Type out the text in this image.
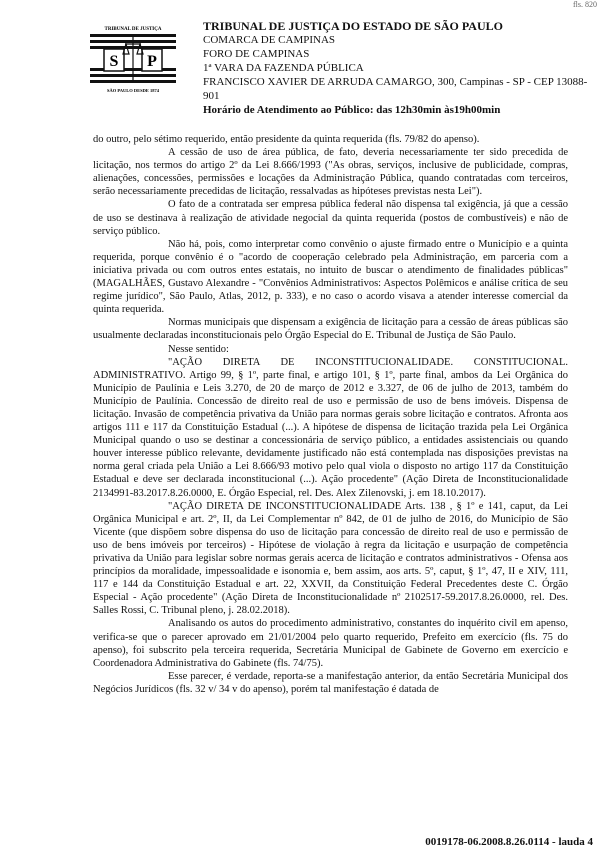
fls. 820
TRIBUNAL DE JUSTIÇA
S P
SÃO PAULO DESDE 1874
TRIBUNAL DE JUSTIÇA DO ESTADO DE SÃO PAULO
COMARCA DE CAMPINAS
FORO DE CAMPINAS
1ª VARA DA FAZENDA PÚBLICA
FRANCISCO XAVIER DE ARRUDA CAMARGO, 300, Campinas - SP - CEP 13088-901
Horário de Atendimento ao Público: das 12h30min às19h00min

do outro, pelo sétimo requerido, então presidente da quinta requerida (fls. 79/82 do apenso).

A cessão de uso de área pública, de fato, deveria necessariamente ter sido precedida de licitação, nos termos do artigo 2º da Lei 8.666/1993 ("As obras, serviços, inclusive de publicidade, compras, alienações, concessões, permissões e locações da Administração Pública, quando contratadas com terceiros, serão necessariamente precedidas de licitação, ressalvadas as hipóteses previstas nesta Lei").

O fato de a contratada ser empresa pública federal não dispensa tal exigência, já que a cessão de uso se destinava à realização de atividade negocial da quinta requerida (postos de combustíveis) e não de serviço público.

Não há, pois, como interpretar como convênio o ajuste firmado entre o Município e a quinta requerida, porque convênio é o "acordo de cooperação celebrado pela Administração, em parceria com a iniciativa privada ou com outros entes estatais, no intuito de buscar o atendimento de finalidades públicas" (MAGALHÃES, Gustavo Alexandre - "Convênios Administrativos: Aspectos Polêmicos e análise crítica de seu regime jurídico", São Paulo, Atlas, 2012, p. 333), e no caso o acordo visava a atender interesse comercial da quinta requerida.

Normas municipais que dispensam a exigência de licitação para a cessão de áreas públicas são usualmente declaradas inconstitucionais pelo Órgão Especial do E. Tribunal de Justiça de São Paulo.

Nesse sentido:

"AÇÃO DIRETA DE INCONSTITUCIONALIDADE. CONSTITUCIONAL. ADMINISTRATIVO. Artigo 99, § 1º, parte final, e artigo 101, § 1º, parte final, ambos da Lei Orgânica do Município de Paulínia e Leis 3.270, de 20 de março de 2012 e 3.327, de 06 de julho de 2013, também do Município de Paulínia. Concessão de direito real de uso e permissão de uso de bens imóveis. Dispensa de licitação. Invasão de competência privativa da União para normas gerais sobre licitação e contratos. Afronta aos artigos 111 e 117 da Constituição Estadual (...). A hipótese de dispensa de licitação trazida pela Lei Orgânica Municipal quando o uso se destinar a concessionária de serviço público, a entidades assistenciais ou quando houver interesse público relevante, devidamente justificado não está contemplada nas disposições previstas na norma geral criada pela União a Lei 8.666/93 motivo pelo qual viola o disposto no artigo 117 da Constituição Estadual e deve ser declarada inconstitucional (...). Ação procedente" (Ação Direta de Inconstitucionalidade 2134991-83.2017.8.26.0000, E. Órgão Especial, rel. Des. Alex Zilenovski, j. em 18.10.2017).

"AÇÃO DIRETA DE INCONSTITUCIONALIDADE Arts. 138 , § 1º e 141, caput, da Lei Orgânica Municipal e art. 2º, II, da Lei Complementar nº 842, de 01 de julho de 2016, do Município de São Vicente (que dispõem sobre dispensa do uso de licitação para concessão de direito real de uso e permissão de uso de bens imóveis por terceiros) - Hipótese de violação à regra da licitação e usurpação de competência privativa da União para legislar sobre normas gerais acerca de licitação e contratos administrativos - Ofensa aos princípios da moralidade, impessoalidade e isonomia e, bem assim, aos arts. 5º, caput, § 1º, 47, II e XIV, 111, 117 e 144 da Constituição Estadual e art. 22, XXVII, da Constituição Federal Precedentes deste C. Órgão Especial - Ação procedente" (Ação Direta de Inconstitucionalidade nº 2102517-59.2017.8.26.0000, rel. Des. Salles Rossi, C. Tribunal pleno, j. 28.02.2018).

Analisando os autos do procedimento administrativo, constantes do inquérito civil em apenso, verifica-se que o parecer aprovado em 21/01/2004 pelo quarto requerido, Prefeito em exercício (fls. 75 do apenso), foi subscrito pela terceira requerida, Secretária Municipal de Gabinete de Governo em exercício e Coordenadora Administrativa do Gabinete (fls. 74/75).

Esse parecer, é verdade, reporta-se a manifestação anterior, da então Secretária Municipal dos Negócios Jurídicos (fls. 32 v/ 34 v do apenso), porém tal manifestação é datada de

0019178-06.2008.8.26.0114 - lauda 4
